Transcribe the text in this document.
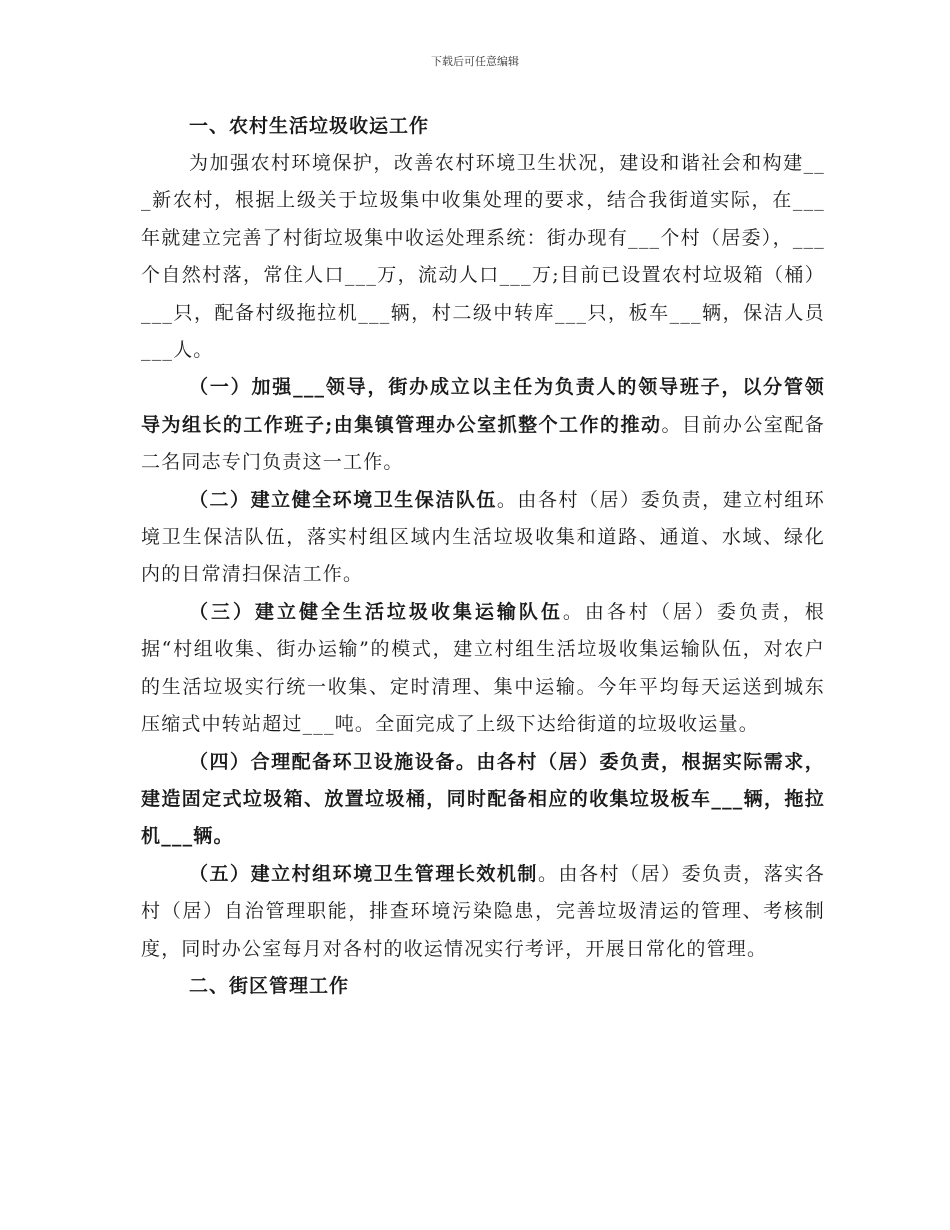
下载后可任意编辑

一、农村生活垃圾收运工作

为加强农村环境保护，改善农村环境卫生状况，建设和谐社会和构建___新农村，根据上级关于垃圾集中收集处理的要求，结合我街道实际，在___年就建立完善了村街垃圾集中收运处理系统：街办现有___个村（居委），___个自然村落，常住人口___万，流动人口___万;目前已设置农村垃圾箱（桶）___只，配备村级拖拉机___辆，村二级中转库___只，板车___辆，保洁人员___人。

（一）加强___领导，街办成立以主任为负责人的领导班子，以分管领导为组长的工作班子;由集镇管理办公室抓整个工作的推动。目前办公室配备二名同志专门负责这一工作。

（二）建立健全环境卫生保洁队伍。由各村（居）委负责，建立村组环境卫生保洁队伍，落实村组区域内生活垃圾收集和道路、通道、水域、绿化内的日常清扫保洁工作。

（三）建立健全生活垃圾收集运输队伍。由各村（居）委负责，根据“村组收集、街办运输”的模式，建立村组生活垃圾收集运输队伍，对农户的生活垃圾实行统一收集、定时清理、集中运输。今年平均每天运送到城东压缩式中转站超过___吨。全面完成了上级下达给街道的垃圾收运量。

（四）合理配备环卫设施设备。由各村（居）委负责，根据实际需求，建造固定式垃圾箱、放置垃圾桶，同时配备相应的收集垃圾板车___辆，拖拉机___辆。

（五）建立村组环境卫生管理长效机制。由各村（居）委负责，落实各村（居）自治管理职能，排查环境污染隐患，完善垃圾清运的管理、考核制度，同时办公室每月对各村的收运情况实行考评，开展日常化的管理。

二、街区管理工作
